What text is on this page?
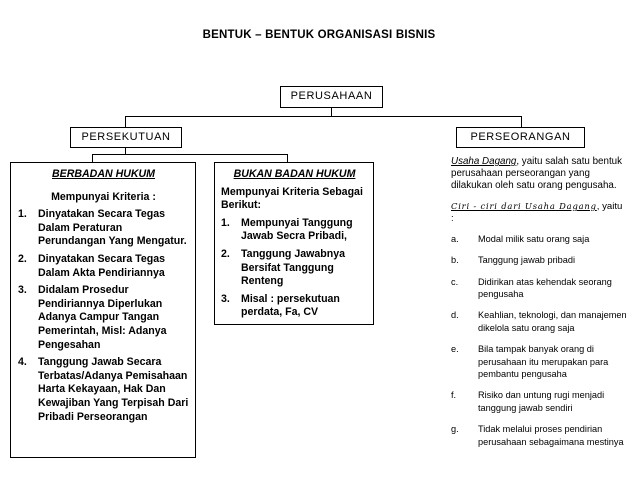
BENTUK – BENTUK ORGANISASI BISNIS
PERUSAHAAN
PERSEKUTUAN	PERSEORANGAN
BERBADAN HUKUM
Mempunyai Kriteria :
1. Dinyatakan Secara Tegas Dalam Peraturan Perundangan Yang Mengatur.
2. Dinyatakan Secara Tegas Dalam Akta Pendiriannya
3. Didalam Prosedur Pendiriannya Diperlukan Adanya Campur Tangan Pemerintah, Misl: Adanya Pengesahan
4. Tanggung Jawab Secara Terbatas/Adanya Pemisahaan Harta Kekayaan, Hak Dan Kewajiban Yang Terpisah Dari Pribadi Perseorangan
BUKAN BADAN HUKUM
Mempunyai Kriteria Sebagai Berikut:
1. Mempunyai Tanggung Jawab Secra Pribadi,
2. Tanggung Jawabnya Bersifat Tanggung Renteng
3. Misal : persekutuan perdata, Fa, CV
Usaha Dagang, yaitu salah satu bentuk perusahaan perseorangan yang dilakukan oleh satu orang pengusaha.
Ciri - ciri dari Usaha Dagang, yaitu :
a. Modal milik satu orang saja
b. Tanggung jawab pribadi
c. Didirikan atas kehendak seorang pengusaha
d. Keahlian, teknologi, dan manajemen dikelola satu orang saja
e. Bila tampak banyak orang di perusahaan itu merupakan para pembantu pengusaha
f. Risiko dan untung rugi menjadi tanggung jawab sendiri
g. Tidak melalui proses pendirian perusahaan sebagaimana mestinya
